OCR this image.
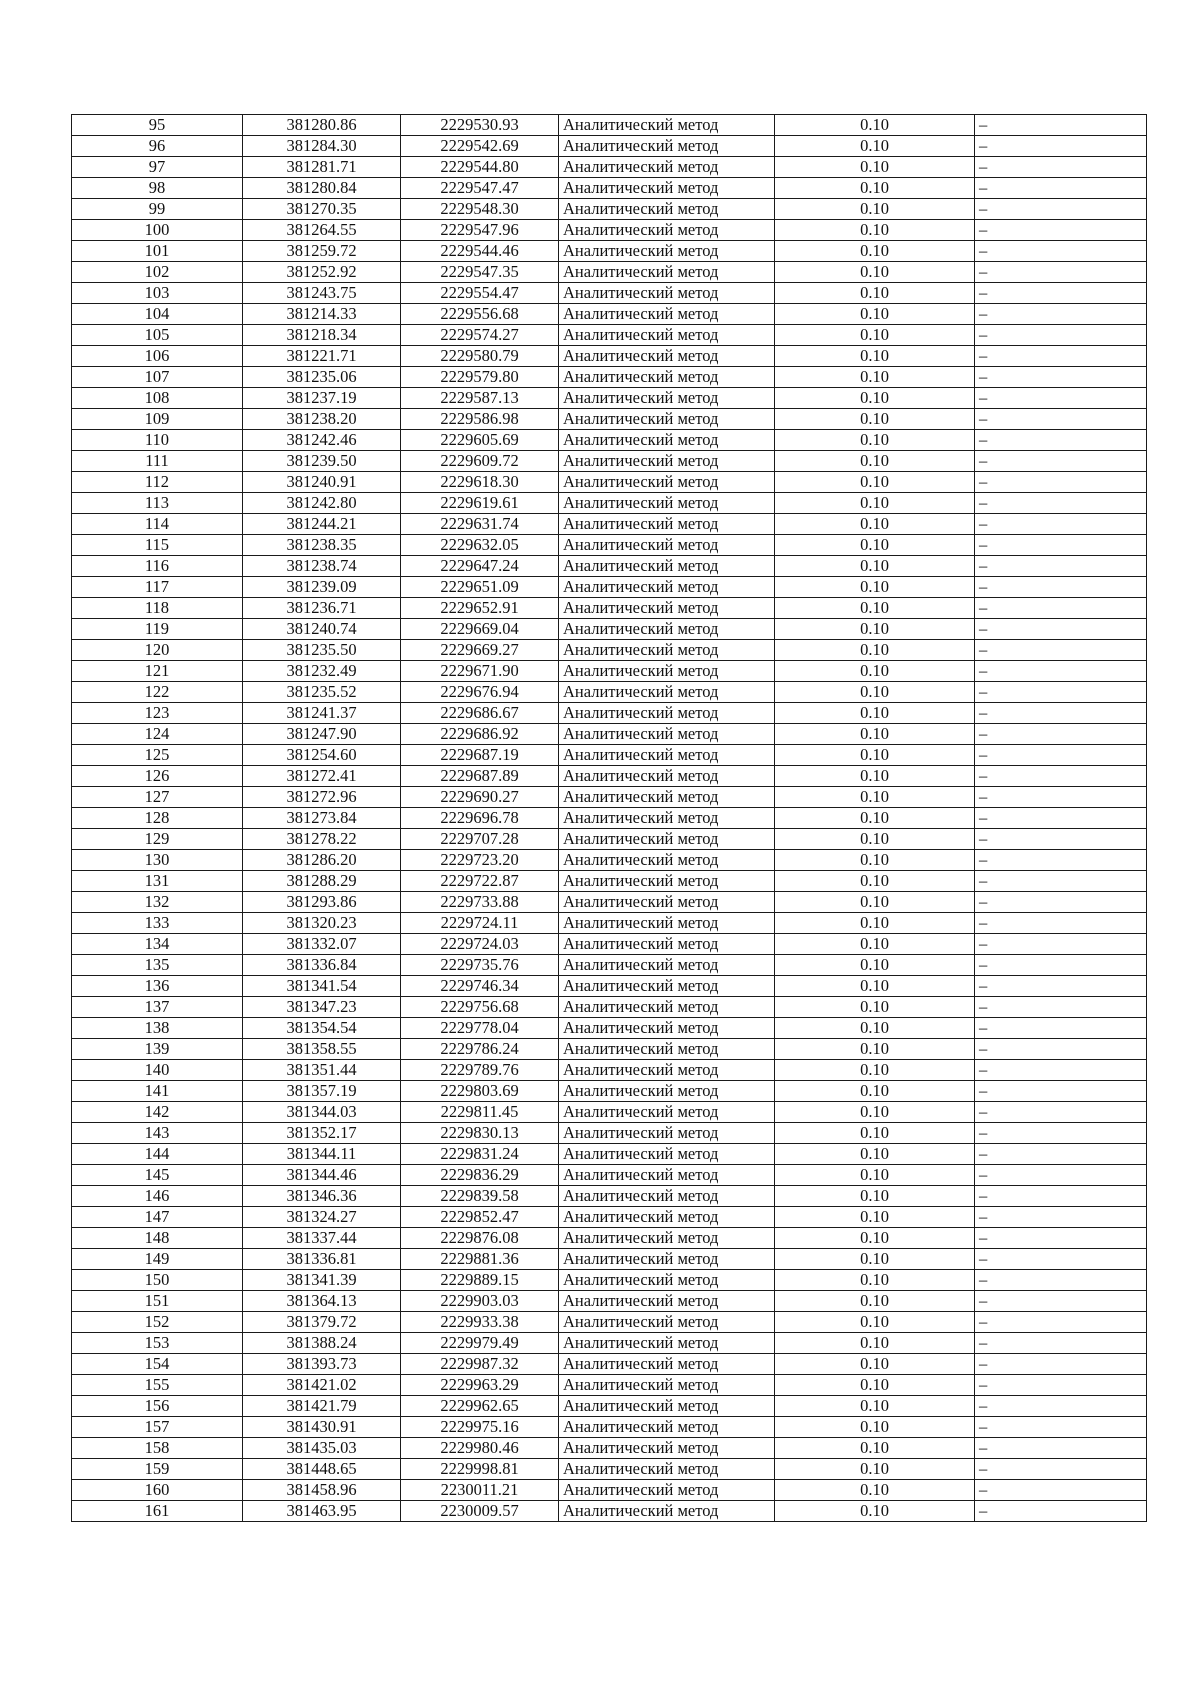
95	381280.86	2229530.93	Аналитический метод	0.10	–
96	381284.30	2229542.69	Аналитический метод	0.10	–
97	381281.71	2229544.80	Аналитический метод	0.10	–
98	381280.84	2229547.47	Аналитический метод	0.10	–
99	381270.35	2229548.30	Аналитический метод	0.10	–
100	381264.55	2229547.96	Аналитический метод	0.10	–
101	381259.72	2229544.46	Аналитический метод	0.10	–
102	381252.92	2229547.35	Аналитический метод	0.10	–
103	381243.75	2229554.47	Аналитический метод	0.10	–
104	381214.33	2229556.68	Аналитический метод	0.10	–
105	381218.34	2229574.27	Аналитический метод	0.10	–
106	381221.71	2229580.79	Аналитический метод	0.10	–
107	381235.06	2229579.80	Аналитический метод	0.10	–
108	381237.19	2229587.13	Аналитический метод	0.10	–
109	381238.20	2229586.98	Аналитический метод	0.10	–
110	381242.46	2229605.69	Аналитический метод	0.10	–
111	381239.50	2229609.72	Аналитический метод	0.10	–
112	381240.91	2229618.30	Аналитический метод	0.10	–
113	381242.80	2229619.61	Аналитический метод	0.10	–
114	381244.21	2229631.74	Аналитический метод	0.10	–
115	381238.35	2229632.05	Аналитический метод	0.10	–
116	381238.74	2229647.24	Аналитический метод	0.10	–
117	381239.09	2229651.09	Аналитический метод	0.10	–
118	381236.71	2229652.91	Аналитический метод	0.10	–
119	381240.74	2229669.04	Аналитический метод	0.10	–
120	381235.50	2229669.27	Аналитический метод	0.10	–
121	381232.49	2229671.90	Аналитический метод	0.10	–
122	381235.52	2229676.94	Аналитический метод	0.10	–
123	381241.37	2229686.67	Аналитический метод	0.10	–
124	381247.90	2229686.92	Аналитический метод	0.10	–
125	381254.60	2229687.19	Аналитический метод	0.10	–
126	381272.41	2229687.89	Аналитический метод	0.10	–
127	381272.96	2229690.27	Аналитический метод	0.10	–
128	381273.84	2229696.78	Аналитический метод	0.10	–
129	381278.22	2229707.28	Аналитический метод	0.10	–
130	381286.20	2229723.20	Аналитический метод	0.10	–
131	381288.29	2229722.87	Аналитический метод	0.10	–
132	381293.86	2229733.88	Аналитический метод	0.10	–
133	381320.23	2229724.11	Аналитический метод	0.10	–
134	381332.07	2229724.03	Аналитический метод	0.10	–
135	381336.84	2229735.76	Аналитический метод	0.10	–
136	381341.54	2229746.34	Аналитический метод	0.10	–
137	381347.23	2229756.68	Аналитический метод	0.10	–
138	381354.54	2229778.04	Аналитический метод	0.10	–
139	381358.55	2229786.24	Аналитический метод	0.10	–
140	381351.44	2229789.76	Аналитический метод	0.10	–
141	381357.19	2229803.69	Аналитический метод	0.10	–
142	381344.03	2229811.45	Аналитический метод	0.10	–
143	381352.17	2229830.13	Аналитический метод	0.10	–
144	381344.11	2229831.24	Аналитический метод	0.10	–
145	381344.46	2229836.29	Аналитический метод	0.10	–
146	381346.36	2229839.58	Аналитический метод	0.10	–
147	381324.27	2229852.47	Аналитический метод	0.10	–
148	381337.44	2229876.08	Аналитический метод	0.10	–
149	381336.81	2229881.36	Аналитический метод	0.10	–
150	381341.39	2229889.15	Аналитический метод	0.10	–
151	381364.13	2229903.03	Аналитический метод	0.10	–
152	381379.72	2229933.38	Аналитический метод	0.10	–
153	381388.24	2229979.49	Аналитический метод	0.10	–
154	381393.73	2229987.32	Аналитический метод	0.10	–
155	381421.02	2229963.29	Аналитический метод	0.10	–
156	381421.79	2229962.65	Аналитический метод	0.10	–
157	381430.91	2229975.16	Аналитический метод	0.10	–
158	381435.03	2229980.46	Аналитический метод	0.10	–
159	381448.65	2229998.81	Аналитический метод	0.10	–
160	381458.96	2230011.21	Аналитический метод	0.10	–
161	381463.95	2230009.57	Аналитический метод	0.10	–
